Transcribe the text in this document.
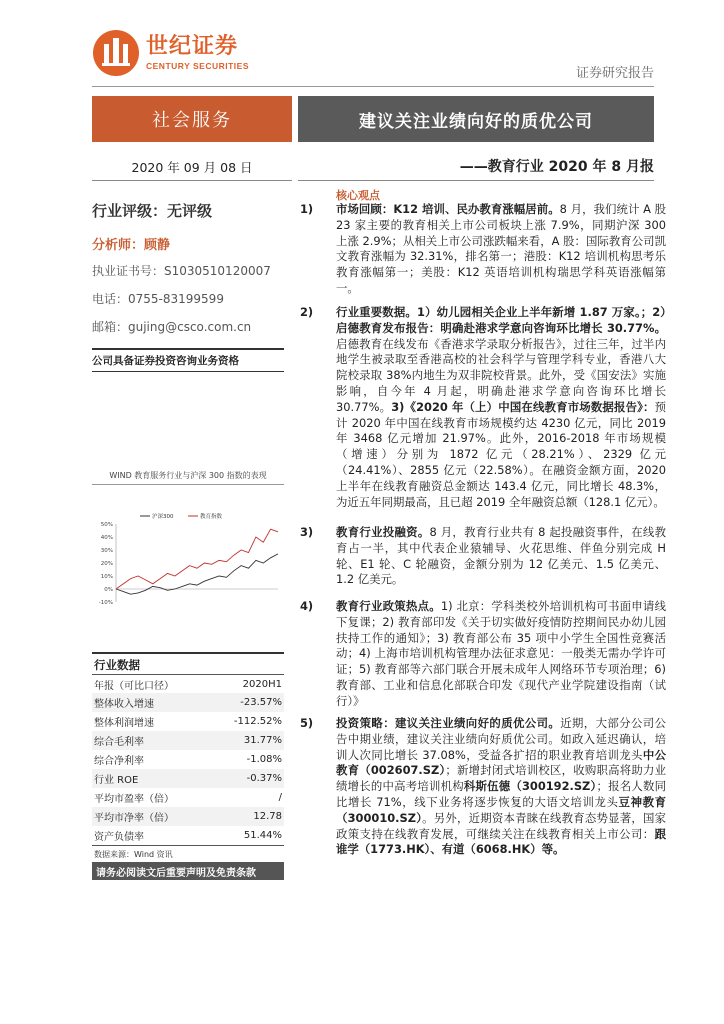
世纪证券
CENTURY SECURITIES	证券研究报告
社会服务	建议关注业绩向好的质优公司
2020 年 09 月 08 日	——教育行业 2020 年 8 月报
行业评级：无评级
分析师：顾静
执业证书号：S1030510120007
电话：0755-83199599
邮箱：gujing@csco.com.cn
公司具备证券投资咨询业务资格
WIND 教育服务行业与沪深 300 指数的表现
50%
40%
30%
20%
10%
0%
-10%
沪深300	教育指数
行业数据
年报（可比口径）	2020H1
整体收入增速	-23.57%
整体利润增速	-112.52%
综合毛利率	31.77%
综合净利率	-1.08%
行业 ROE	-0.37%
平均市盈率（倍）	/
平均市净率（倍）	12.78
资产负债率	51.44%
数据来源：Wind 资讯
请务必阅读文后重要声明及免责条款
核心观点
1)	市场回顾：K12 培训、民办教育涨幅居前。8 月，我们统计 A 股 23 家主要的教育相关上市公司板块上涨 7.9%，同期沪深 300 上涨 2.9%；从相关上市公司涨跌幅来看，A 股：国际教育公司凯文教育涨幅为 32.31%，排名第一；港股：K12 培训机构思考乐教育涨幅第一；美股：K12 英语培训机构瑞思学科英语涨幅第一。
2)	行业重要数据。1）幼儿园相关企业上半年新增 1.87 万家。；2）启德教育发布报告：明确赴港求学意向咨询环比增长 30.77%。启德教育在线发布《香港求学录取分析报告》，过往三年，过半内地学生被录取至香港高校的社会科学与管理学科专业，香港八大院校录取 38%内地生为双非院校背景。此外，受《国安法》实施影响，自今年 4 月起，明确赴港求学意向咨询环比增长 30.77%。3)《2020 年（上）中国在线教育市场数据报告》：预计 2020 年中国在线教育市场规模约达 4230 亿元，同比 2019 年 3468 亿元增加 21.97%。此外，2016-2018 年市场规模（增速）分别为 1872 亿元（28.21%）、2329 亿元（24.41%）、2855 亿元（22.58%）。在融资金额方面，2020 上半年在线教育融资总金额达 143.4 亿元，同比增长 48.3%，为近五年同期最高，且已超 2019 全年融资总额（128.1 亿元）。
3)	教育行业投融资。8 月，教育行业共有 8 起投融资事件，在线教育占一半，其中代表企业猿辅导、火花思维、伴鱼分别完成 H 轮、E1 轮、C 轮融资，金额分别为 12 亿美元、1.5 亿美元、1.2 亿美元。
4)	教育行业政策热点。1) 北京：学科类校外培训机构可书面申请线下复课；2) 教育部印发《关于切实做好疫情防控期间民办幼儿园扶持工作的通知》；3) 教育部公布 35 项中小学生全国性竞赛活动；4) 上海市培训机构管理办法征求意见：一般类无需办学许可证；5) 教育部等六部门联合开展未成年人网络环节专项治理；6) 教育部、工业和信息化部联合印发《现代产业学院建设指南（试行）》
5)	投资策略：建议关注业绩向好的质优公司。近期，大部分公司公告中期业绩，建议关注业绩向好质优公司。如政入延迟确认，培训人次同比增长 37.08%，受益各扩招的职业教育培训龙头中公教育（002607.SZ）；新增封闭式培训校区，收购职高将助力业绩增长的中高考培训机构科斯伍德（300192.SZ）；报名人数同比增长 71%，线下业务将逐步恢复的大语文培训龙头豆神教育（300010.SZ）。另外，近期资本青睐在线教育态势显著，国家政策支持在线教育发展，可继续关注在线教育相关上市公司：跟谁学（1773.HK）、有道（6068.HK）等。
